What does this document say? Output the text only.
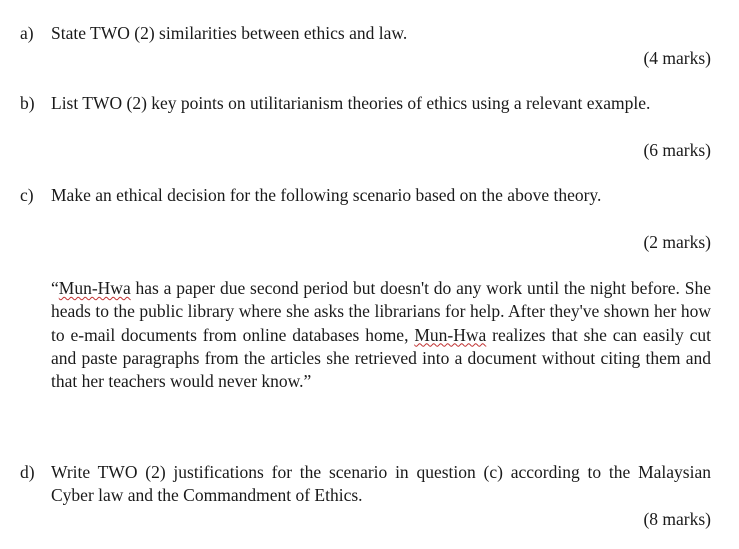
a) State TWO (2) similarities between ethics and law.
(4 marks)
b) List TWO (2) key points on utilitarianism theories of ethics using a relevant example.
(6 marks)
c) Make an ethical decision for the following scenario based on the above theory.
(2 marks)
“Mun-Hwa has a paper due second period but doesn't do any work until the night before. She heads to the public library where she asks the librarians for help. After they've shown her how to e-mail documents from online databases home, Mun-Hwa realizes that she can easily cut and paste paragraphs from the articles she retrieved into a document without citing them and that her teachers would never know.”
d) Write TWO (2) justifications for the scenario in question (c) according to the Malaysian Cyber law and the Commandment of Ethics.
(8 marks)
